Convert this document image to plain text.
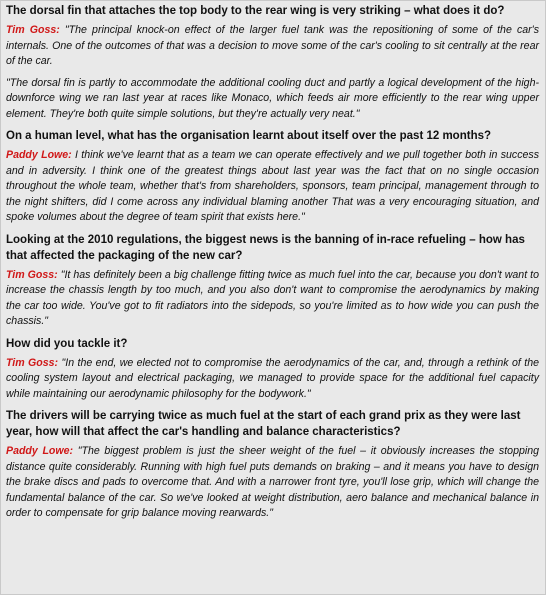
The dorsal fin that attaches the top body to the rear wing is very striking – what does it do?

Tim Goss: "The principal knock-on effect of the larger fuel tank was the repositioning of some of the car's internals. One of the outcomes of that was a decision to move some of the car's cooling to sit centrally at the rear of the car.

"The dorsal fin is partly to accommodate the additional cooling duct and partly a logical development of the high-downforce wing we ran last year at races like Monaco, which feeds air more efficiently to the rear wing upper element. They're both quite simple solutions, but they're actually very neat."

On a human level, what has the organisation learnt about itself over the past 12 months?

Paddy Lowe: I think we've learnt that as a team we can operate effectively and we pull together both in success and in adversity. I think one of the greatest things about last year was the fact that on no single occasion throughout the whole team, whether that's from shareholders, sponsors, team principal, management through to the night shifters, did I come across any individual blaming another That was a very encouraging situation, and spoke volumes about the degree of team spirit that exists here."

Looking at the 2010 regulations, the biggest news is the banning of in-race refueling – how has that affected the packaging of the new car?

Tim Goss: "It has definitely been a big challenge fitting twice as much fuel into the car, because you don't want to increase the chassis length by too much, and you also don't want to compromise the aerodynamics by making the car too wide. You've got to fit radiators into the sidepods, so you're limited as to how wide you can push the chassis."

How did you tackle it?

Tim Goss: "In the end, we elected not to compromise the aerodynamics of the car, and, through a rethink of the cooling system layout and electrical packaging, we managed to provide space for the additional fuel capacity while maintaining our aerodynamic philosophy for the bodywork."

The drivers will be carrying twice as much fuel at the start of each grand prix as they were last year, how will that affect the car's handling and balance characteristics?

Paddy Lowe: "The biggest problem is just the sheer weight of the fuel – it obviously increases the stopping distance quite considerably. Running with high fuel puts demands on braking – and it means you have to design the brake discs and pads to overcome that. And with a narrower front tyre, you'll lose grip, which will change the fundamental balance of the car. So we've looked at weight distribution, aero balance and mechanical balance in order to compensate for grip balance moving rearwards."
